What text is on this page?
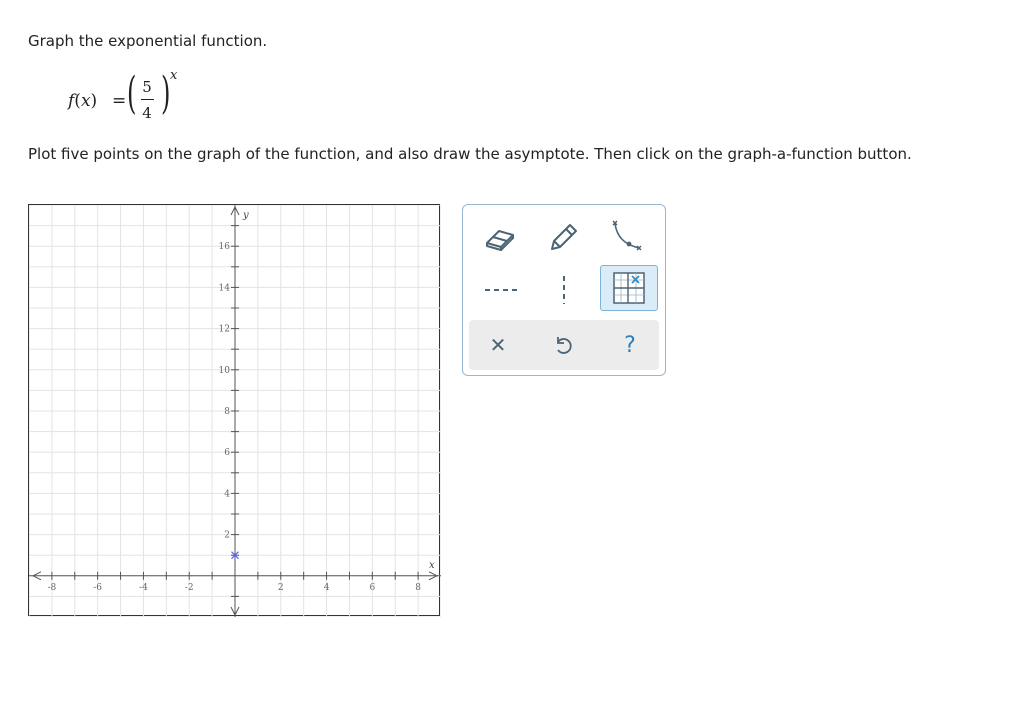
Graph the exponential function.
f(x) = ( 5
4 ) x
Plot five points on the graph of the function, and also draw the asymptote. Then click on the graph-a-function button.
-8	-6	-4	-2	2	4	6	8
2
4
6
8
10
12
14
16
x
y
✕	?
